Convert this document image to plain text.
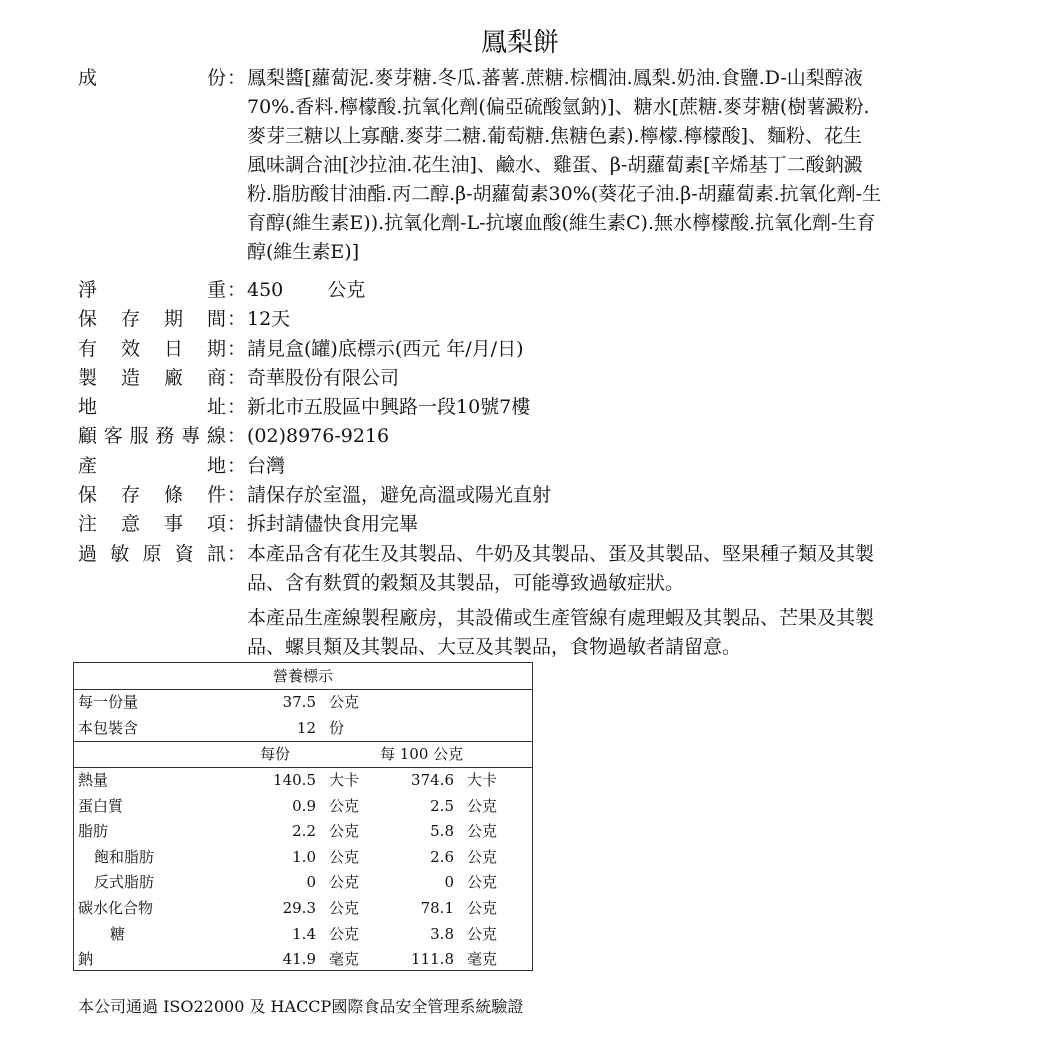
鳳梨餅
成份 ： 鳳梨醬[蘿蔔泥.麥芽糖.冬瓜.蕃薯.蔗糖.棕櫚油.鳳梨.奶油.食鹽.D-山梨醇液
70%.香料.檸檬酸.抗氧化劑(偏亞硫酸氫鈉)]、糖水[蔗糖.麥芽糖(樹薯澱粉.
麥芽三糖以上寡醣.麥芽二糖.葡萄糖.焦糖色素).檸檬.檸檬酸]、麵粉、花生
風味調合油[沙拉油.花生油]、鹼水、雞蛋、β-胡蘿蔔素[辛烯基丁二酸鈉澱
粉.脂肪酸甘油酯.丙二醇.β-胡蘿蔔素30%(葵花子油.β-胡蘿蔔素.抗氧化劑-生
育醇(維生素E)).抗氧化劑-L-抗壞血酸(維生素C).無水檸檬酸.抗氧化劑-生育
醇(維生素E)]
淨重 ： 450　　 公克
保存期間 ： 12天
有效日期 ： 請見盒(罐)底標示(西元 年/月/日)
製造廠商 ： 奇華股份有限公司
地址 ： 新北市五股區中興路一段10號7樓
顧客服務專線 ： (02)8976-9216
產地 ： 台灣
保存條件 ： 請保存於室溫，避免高溫或陽光直射
注意事項 ： 拆封請儘快食用完畢
過敏原資訊 ： 本產品含有花生及其製品、牛奶及其製品、蛋及其製品、堅果種子類及其製
品、含有麩質的穀類及其製品，可能導致過敏症狀。

本產品生產線製程廠房，其設備或生產管線有處理蝦及其製品、芒果及其製
品、螺貝類及其製品、大豆及其製品，食物過敏者請留意。
營養標示
每一份量	37.5 公克
本包裝含	12 份
每份	每 100 公克
熱量	140.5 大卡	374.6 大卡
蛋白質	0.9 公克	2.5 公克
脂肪	2.2 公克	5.8 公克
飽和脂肪	1.0 公克	2.6 公克
反式脂肪	0 公克	0 公克
碳水化合物	29.3 公克	78.1 公克
糖	1.4 公克	3.8 公克
鈉	41.9 毫克	111.8 毫克
本公司通過 ISO22000 及 HACCP國際食品安全管理系統驗證
